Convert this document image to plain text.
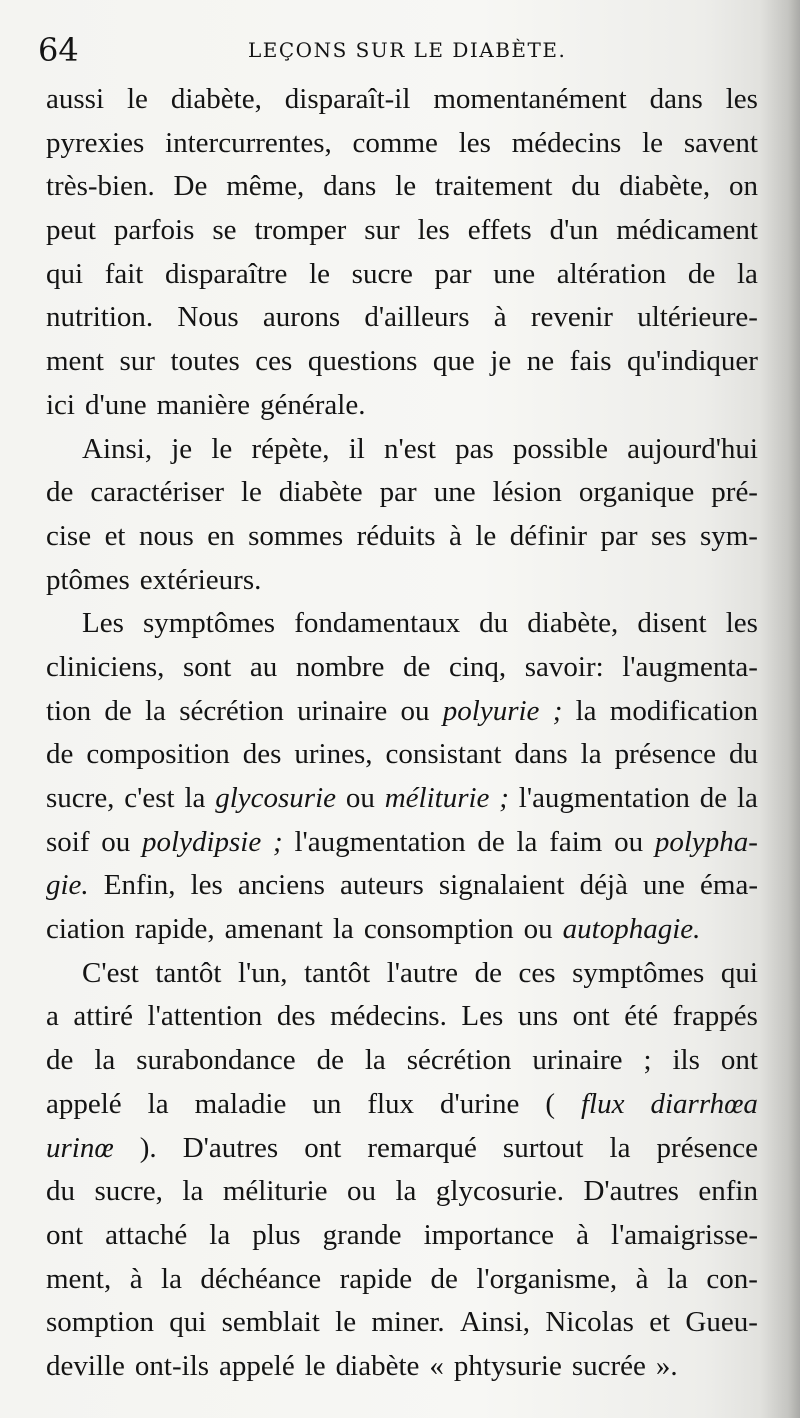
64	LEÇONS SUR LE DIABÈTE.
aussi le diabète, disparaît-il momentanément dans les
pyrexies intercurrentes, comme les médecins le savent
très-bien. De même, dans le traitement du diabète, on
peut parfois se tromper sur les effets d'un médicament
qui fait disparaître le sucre par une altération de la
nutrition. Nous aurons d'ailleurs à revenir ultérieure-
ment sur toutes ces questions que je ne fais qu'indiquer
ici d'une manière générale.
Ainsi, je le répète, il n'est pas possible aujourd'hui
de caractériser le diabète par une lésion organique pré-
cise et nous en sommes réduits à le définir par ses sym-
ptômes extérieurs.
Les symptômes fondamentaux du diabète, disent les
cliniciens, sont au nombre de cinq, savoir: l'augmenta-
tion de la sécrétion urinaire ou polyurie ; la modification
de composition des urines, consistant dans la présence du
sucre, c'est la glycosurie ou méliturie ; l'augmentation de la
soif ou polydipsie ; l'augmentation de la faim ou polypha-
gie. Enfin, les anciens auteurs signalaient déjà une éma-
ciation rapide, amenant la consomption ou autophagie.
C'est tantôt l'un, tantôt l'autre de ces symptômes qui
a attiré l'attention des médecins. Les uns ont été frappés
de la surabondance de la sécrétion urinaire ; ils ont
appelé la maladie un flux d'urine ( flux diarrhœa
urinœ ). D'autres ont remarqué surtout la présence
du sucre, la méliturie ou la glycosurie. D'autres enfin
ont attaché la plus grande importance à l'amaigrisse-
ment, à la déchéance rapide de l'organisme, à la con-
somption qui semblait le miner. Ainsi, Nicolas et Gueu-
deville ont-ils appelé le diabète « phtysurie sucrée ».
